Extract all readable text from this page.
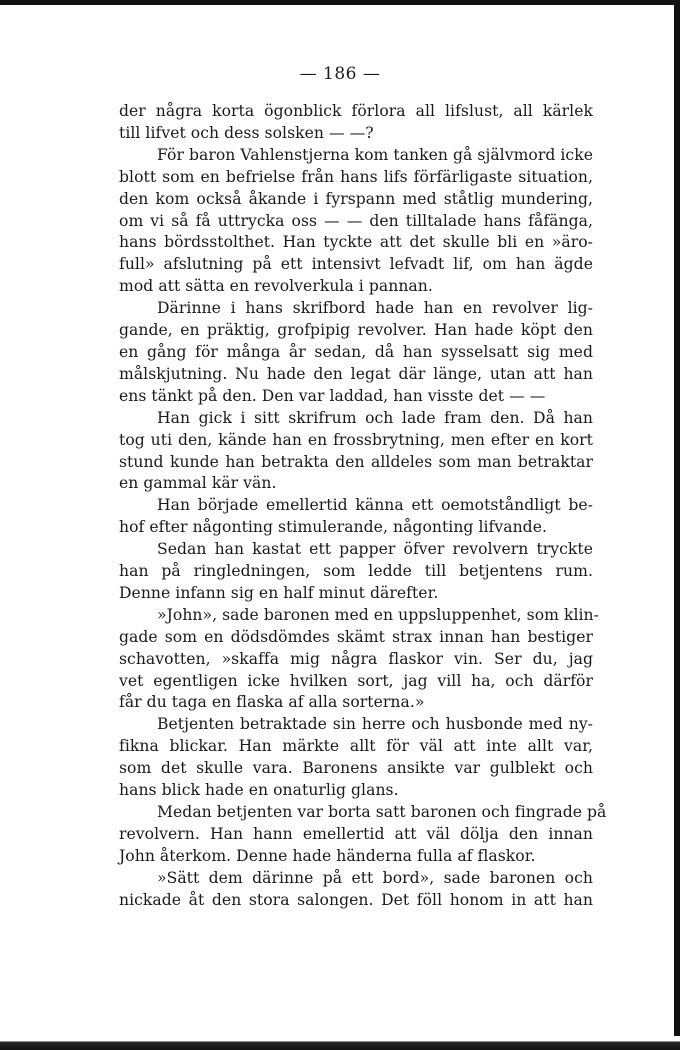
— 186 —
der några korta ögonblick förlora all lifslust, all kärlek
till lifvet och dess solsken — —?
För baron Vahlenstjerna kom tanken gå självmord icke
blott som en befrielse från hans lifs förfärligaste situation,
den kom också åkande i fyrspann med ståtlig mundering,
om vi så få uttrycka oss — — den tilltalade hans fåfänga,
hans bördsstolthet. Han tyckte att det skulle bli en »äro-
full» afslutning på ett intensivt lefvadt lif, om han ägde
mod att sätta en revolverkula i pannan.
Därinne i hans skrifbord hade han en revolver lig-
gande, en präktig, grofpipig revolver. Han hade köpt den
en gång för många år sedan, då han sysselsatt sig med
målskjutning. Nu hade den legat där länge, utan att han
ens tänkt på den. Den var laddad, han visste det — —
Han gick i sitt skrifrum och lade fram den. Då han
tog uti den, kände han en frossbrytning, men efter en kort
stund kunde han betrakta den alldeles som man betraktar
en gammal kär vän.
Han började emellertid känna ett oemotståndligt be-
hof efter någonting stimulerande, någonting lifvande.
Sedan han kastat ett papper öfver revolvern tryckte
han på ringledningen, som ledde till betjentens rum.
Denne infann sig en half minut därefter.
»John», sade baronen med en uppsluppenhet, som klin-
gade som en dödsdömdes skämt strax innan han bestiger
schavotten, »skaffa mig några flaskor vin. Ser du, jag
vet egentligen icke hvilken sort, jag vill ha, och därför
får du taga en flaska af alla sorterna.»
Betjenten betraktade sin herre och husbonde med ny-
fikna blickar. Han märkte allt för väl att inte allt var,
som det skulle vara. Baronens ansikte var gulblekt och
hans blick hade en onaturlig glans.
Medan betjenten var borta satt baronen och fingrade på
revolvern. Han hann emellertid att väl dölja den innan
John återkom. Denne hade händerna fulla af flaskor.
»Sätt dem därinne på ett bord», sade baronen och
nickade åt den stora salongen. Det föll honom in att han
